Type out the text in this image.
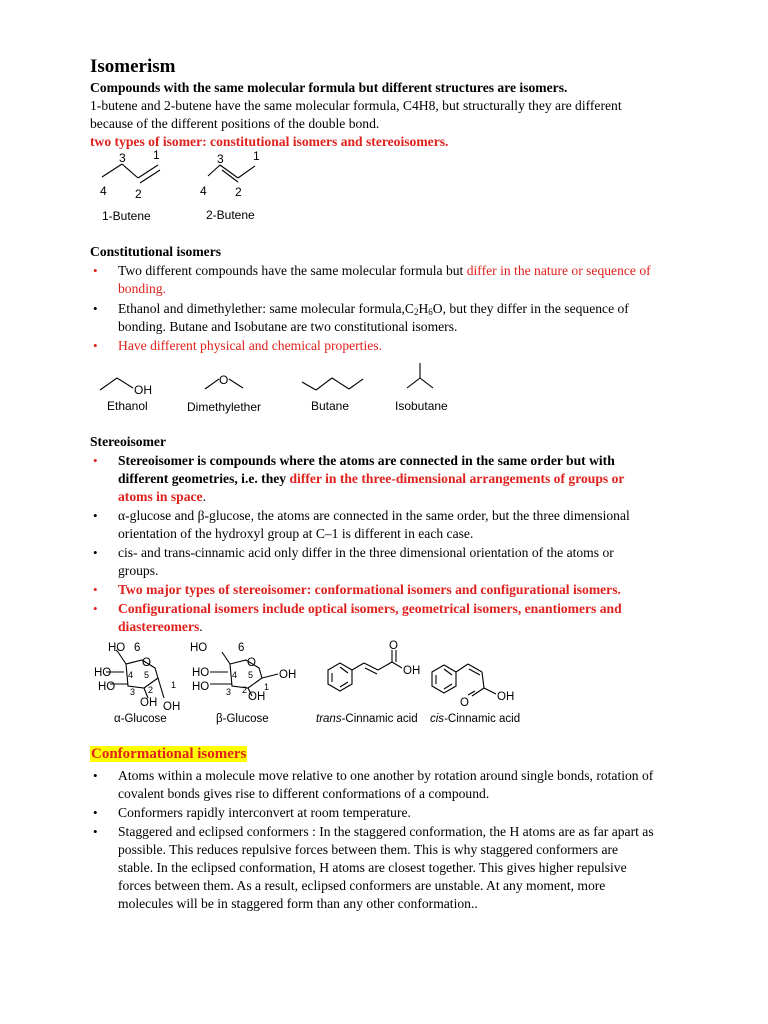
Isomerism
Compounds with the same molecular formula but different structures are isomers.
1-butene and 2-butene have the same molecular formula, C4H8, but structurally they are different
because of the different positions of the double bond.
two types of isomer: constitutional isomers and stereoisomers.
3 1
4 2
3 1
4 2
1-Butene	2-Butene
Constitutional isomers
• Two different compounds have the same molecular formula but differ in the nature or sequence of
bonding.
• Ethanol and dimethylether: same molecular formula,C2H6O, but they differ in the sequence of
bonding. Butane and Isobutane are two constitutional isomers.
• Have different physical and chemical properties.
OH
O
Ethanol	Dimethylether	Butane	Isobutane
Stereoisomer
• Stereoisomer is compounds where the atoms are connected in the same order but with
different geometries, i.e. they differ in the three-dimensional arrangements of groups or
atoms in space.
• α-glucose and β-glucose, the atoms are connected in the same order, but the three dimensional
orientation of the hydroxyl group at C–1 is different in each case.
• cis- and trans-cinnamic acid only differ in the three dimensional orientation of the atoms or
groups.
• Two major types of stereoisomer: conformational isomers and configurational isomers.
• Configurational isomers include optical isomers, geometrical isomers, enantiomers and
diastereomers.
HO 6
O
HO 4 5
HO 3 2 1
OH OH
α-Glucose
HO	6
O
HO	4 5
HO 3 2 1
OH
OH
β-Glucose
O
OH
trans-Cinnamic acid
OH
O
cis-Cinnamic acid
Conformational isomers
• Atoms within a molecule move relative to one another by rotation around single bonds, rotation of
covalent bonds gives rise to different conformations of a compound.
• Conformers rapidly interconvert at room temperature.
• Staggered and eclipsed conformers : In the staggered conformation, the H atoms are as far apart as
possible. This reduces repulsive forces between them. This is why staggered conformers are
stable. In the eclipsed conformation, H atoms are closest together. This gives higher repulsive
forces between them. As a result, eclipsed conformers are unstable. At any moment, more
molecules will be in staggered form than any other conformation..
